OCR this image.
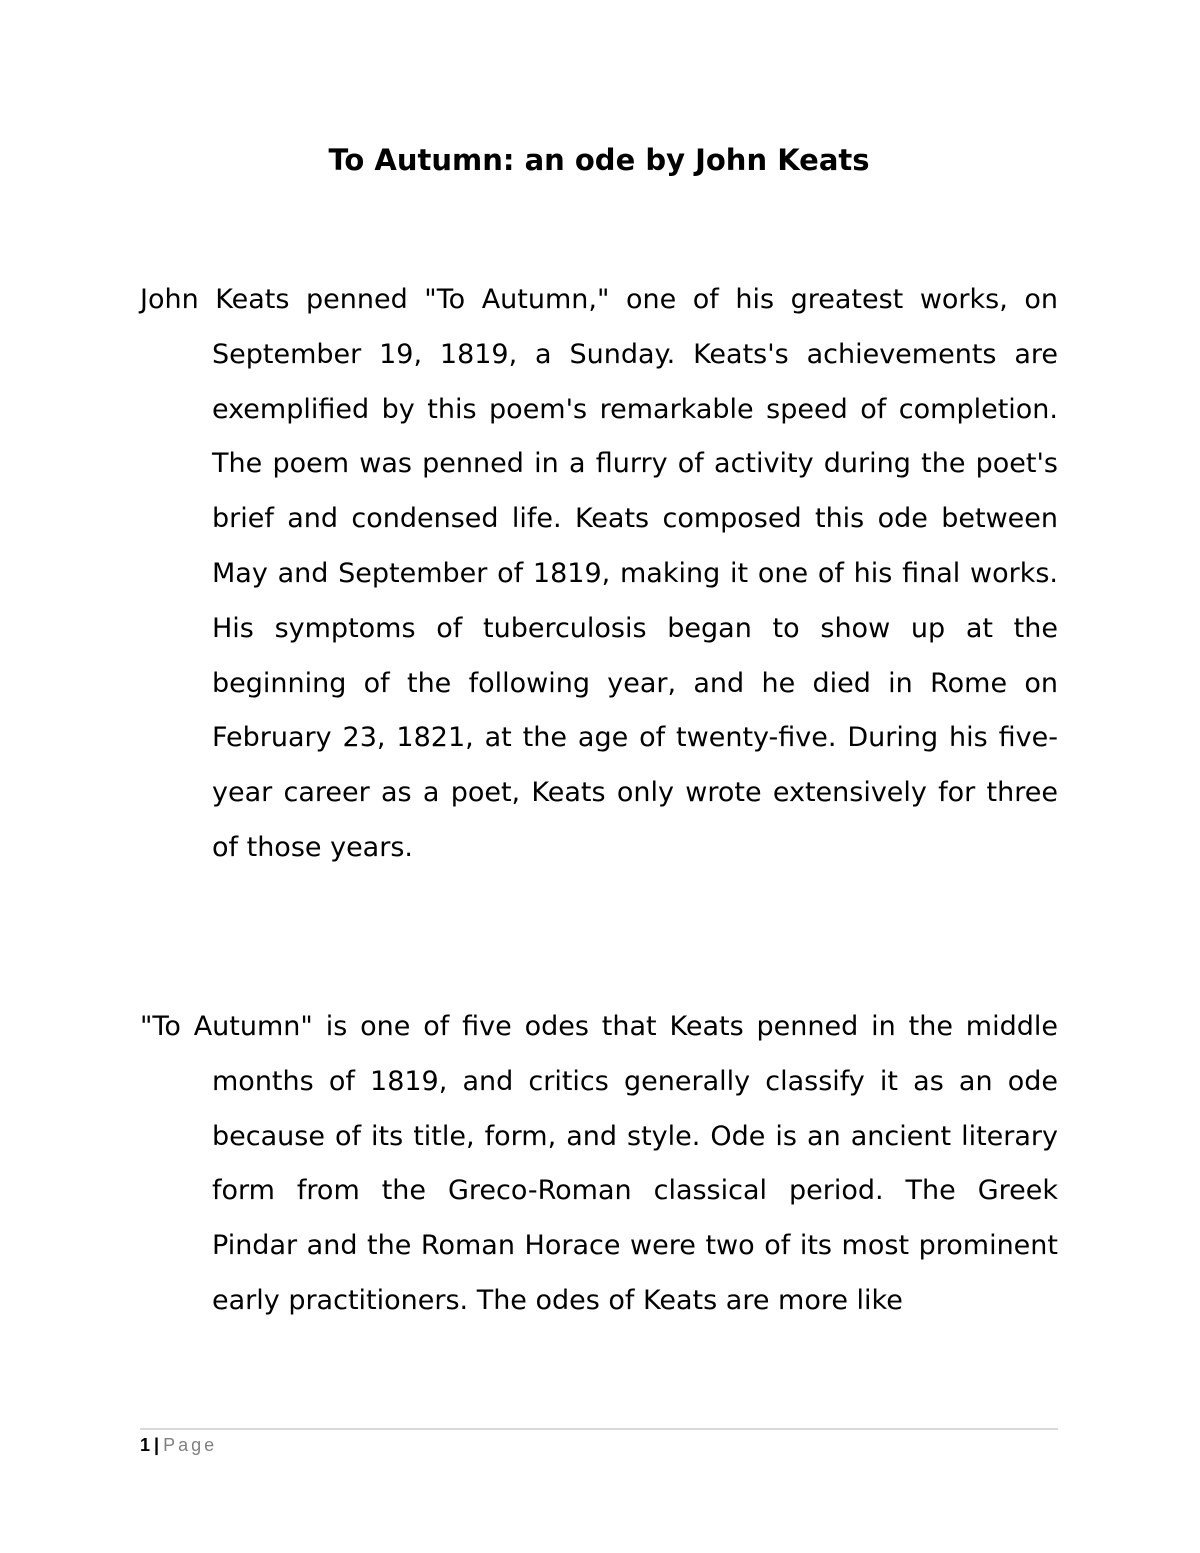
To Autumn: an ode by John Keats

John Keats penned "To Autumn," one of his greatest works, on September 19, 1819, a Sunday. Keats's achievements are exemplified by this poem's remarkable speed of completion. The poem was penned in a flurry of activity during the poet's brief and condensed life. Keats composed this ode between May and September of 1819, making it one of his final works. His symptoms of tuberculosis began to show up at the beginning of the following year, and he died in Rome on February 23, 1821, at the age of twenty-five. During his five-year career as a poet, Keats only wrote extensively for three of those years.

"To Autumn" is one of five odes that Keats penned in the middle months of 1819, and critics generally classify it as an ode because of its title, form, and style. Ode is an ancient literary form from the Greco-Roman classical period. The Greek Pindar and the Roman Horace were two of its most prominent early practitioners. The odes of Keats are more like

1 | Page
